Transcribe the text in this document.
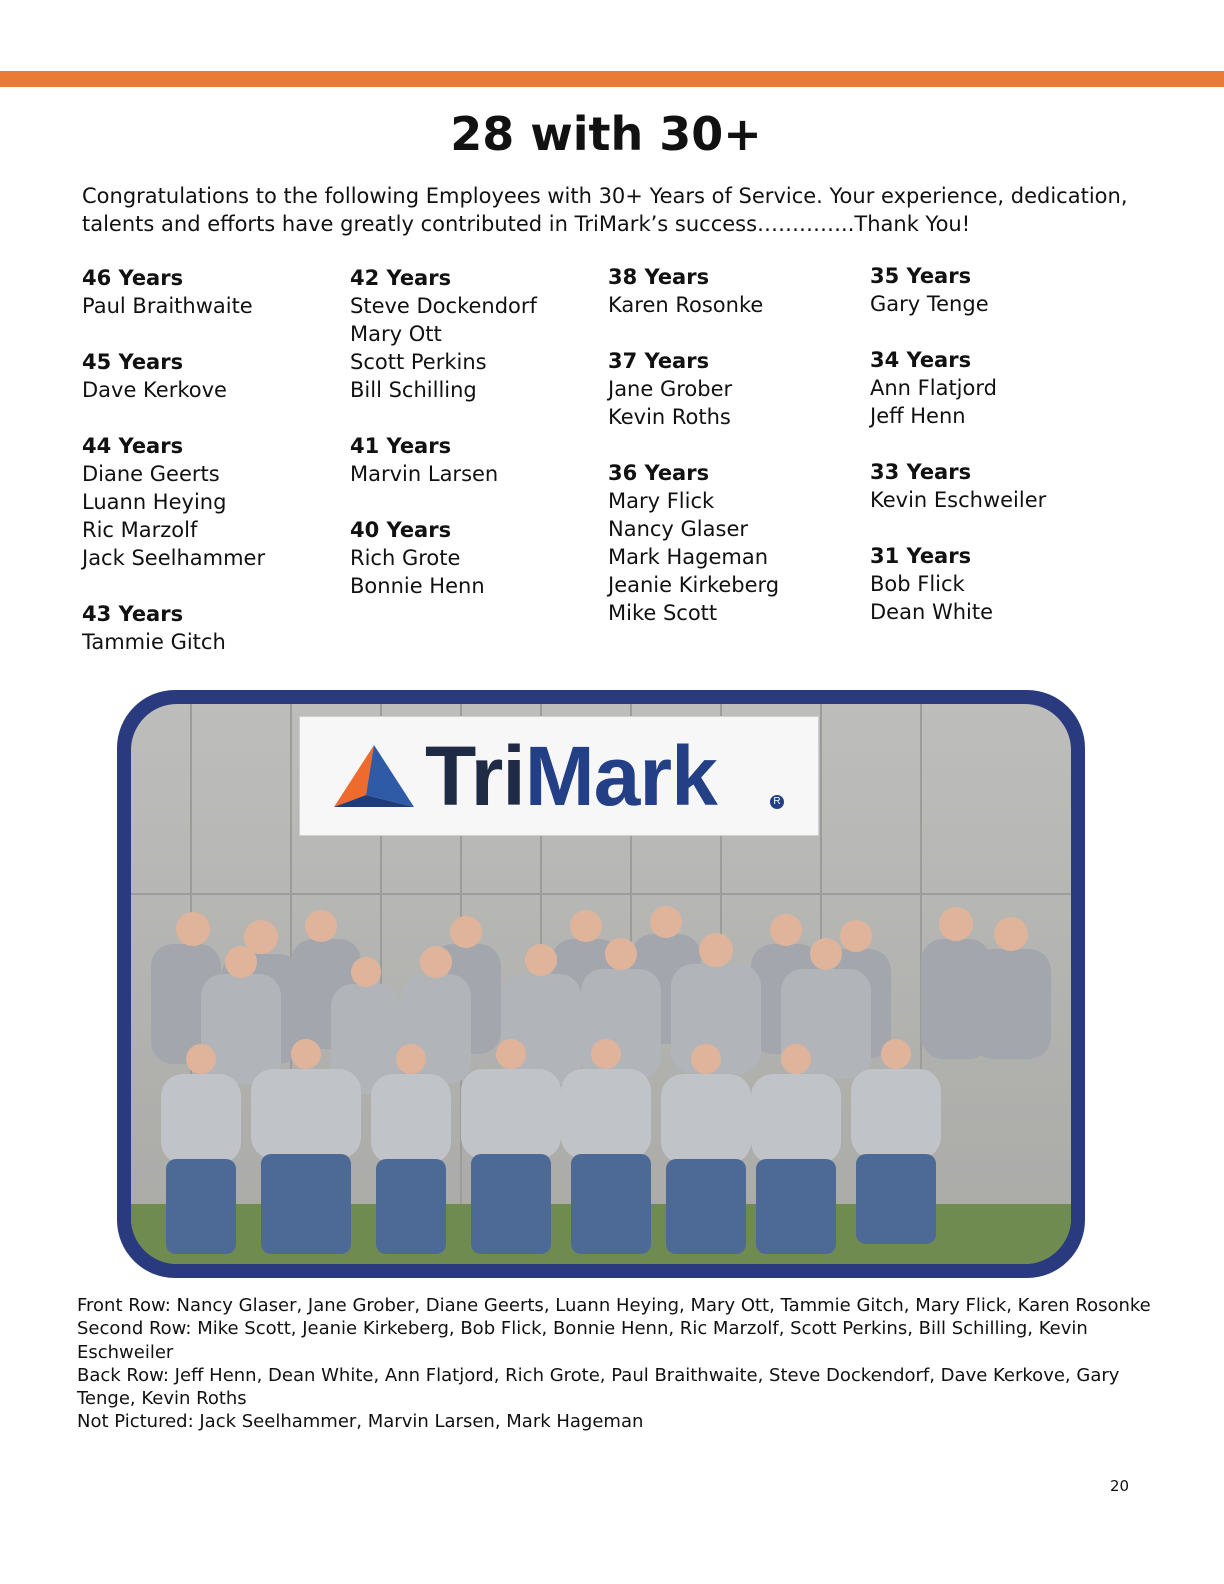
28 with 30+

Congratulations to the following Employees with 30+ Years of Service. Your experience, dedication, talents and efforts have greatly contributed in TriMark’s success…………..Thank You!

46 Years

Paul Braithwaite

45 Years

Dave Kerkove

44 Years

Diane Geerts

Luann Heying

Ric Marzolf

Jack Seelhammer

43 Years

Tammie Gitch

42 Years

Steve Dockendorf

Mary Ott

Scott Perkins

Bill Schilling

41 Years

Marvin Larsen

40 Years

Rich Grote

Bonnie Henn

38 Years

Karen Rosonke

37 Years

Jane Grober

Kevin Roths

36 Years

Mary Flick

Nancy Glaser

Mark Hageman

Jeanie Kirkeberg

Mike Scott

35 Years

Gary Tenge

34 Years

Ann Flatjord

Jeff Henn

33 Years

Kevin Eschweiler

31 Years

Bob Flick

Dean White

TriMark	R

Front Row: Nancy Glaser, Jane Grober, Diane Geerts, Luann Heying, Mary Ott, Tammie Gitch, Mary Flick, Karen Rosonke

Second Row: Mike Scott, Jeanie Kirkeberg, Bob Flick, Bonnie Henn, Ric Marzolf, Scott Perkins, Bill Schilling, Kevin Eschweiler

Back Row: Jeff Henn, Dean White, Ann Flatjord, Rich Grote, Paul Braithwaite, Steve Dockendorf, Dave Kerkove, Gary Tenge, Kevin Roths

Not Pictured: Jack Seelhammer, Marvin Larsen, Mark Hageman

20
